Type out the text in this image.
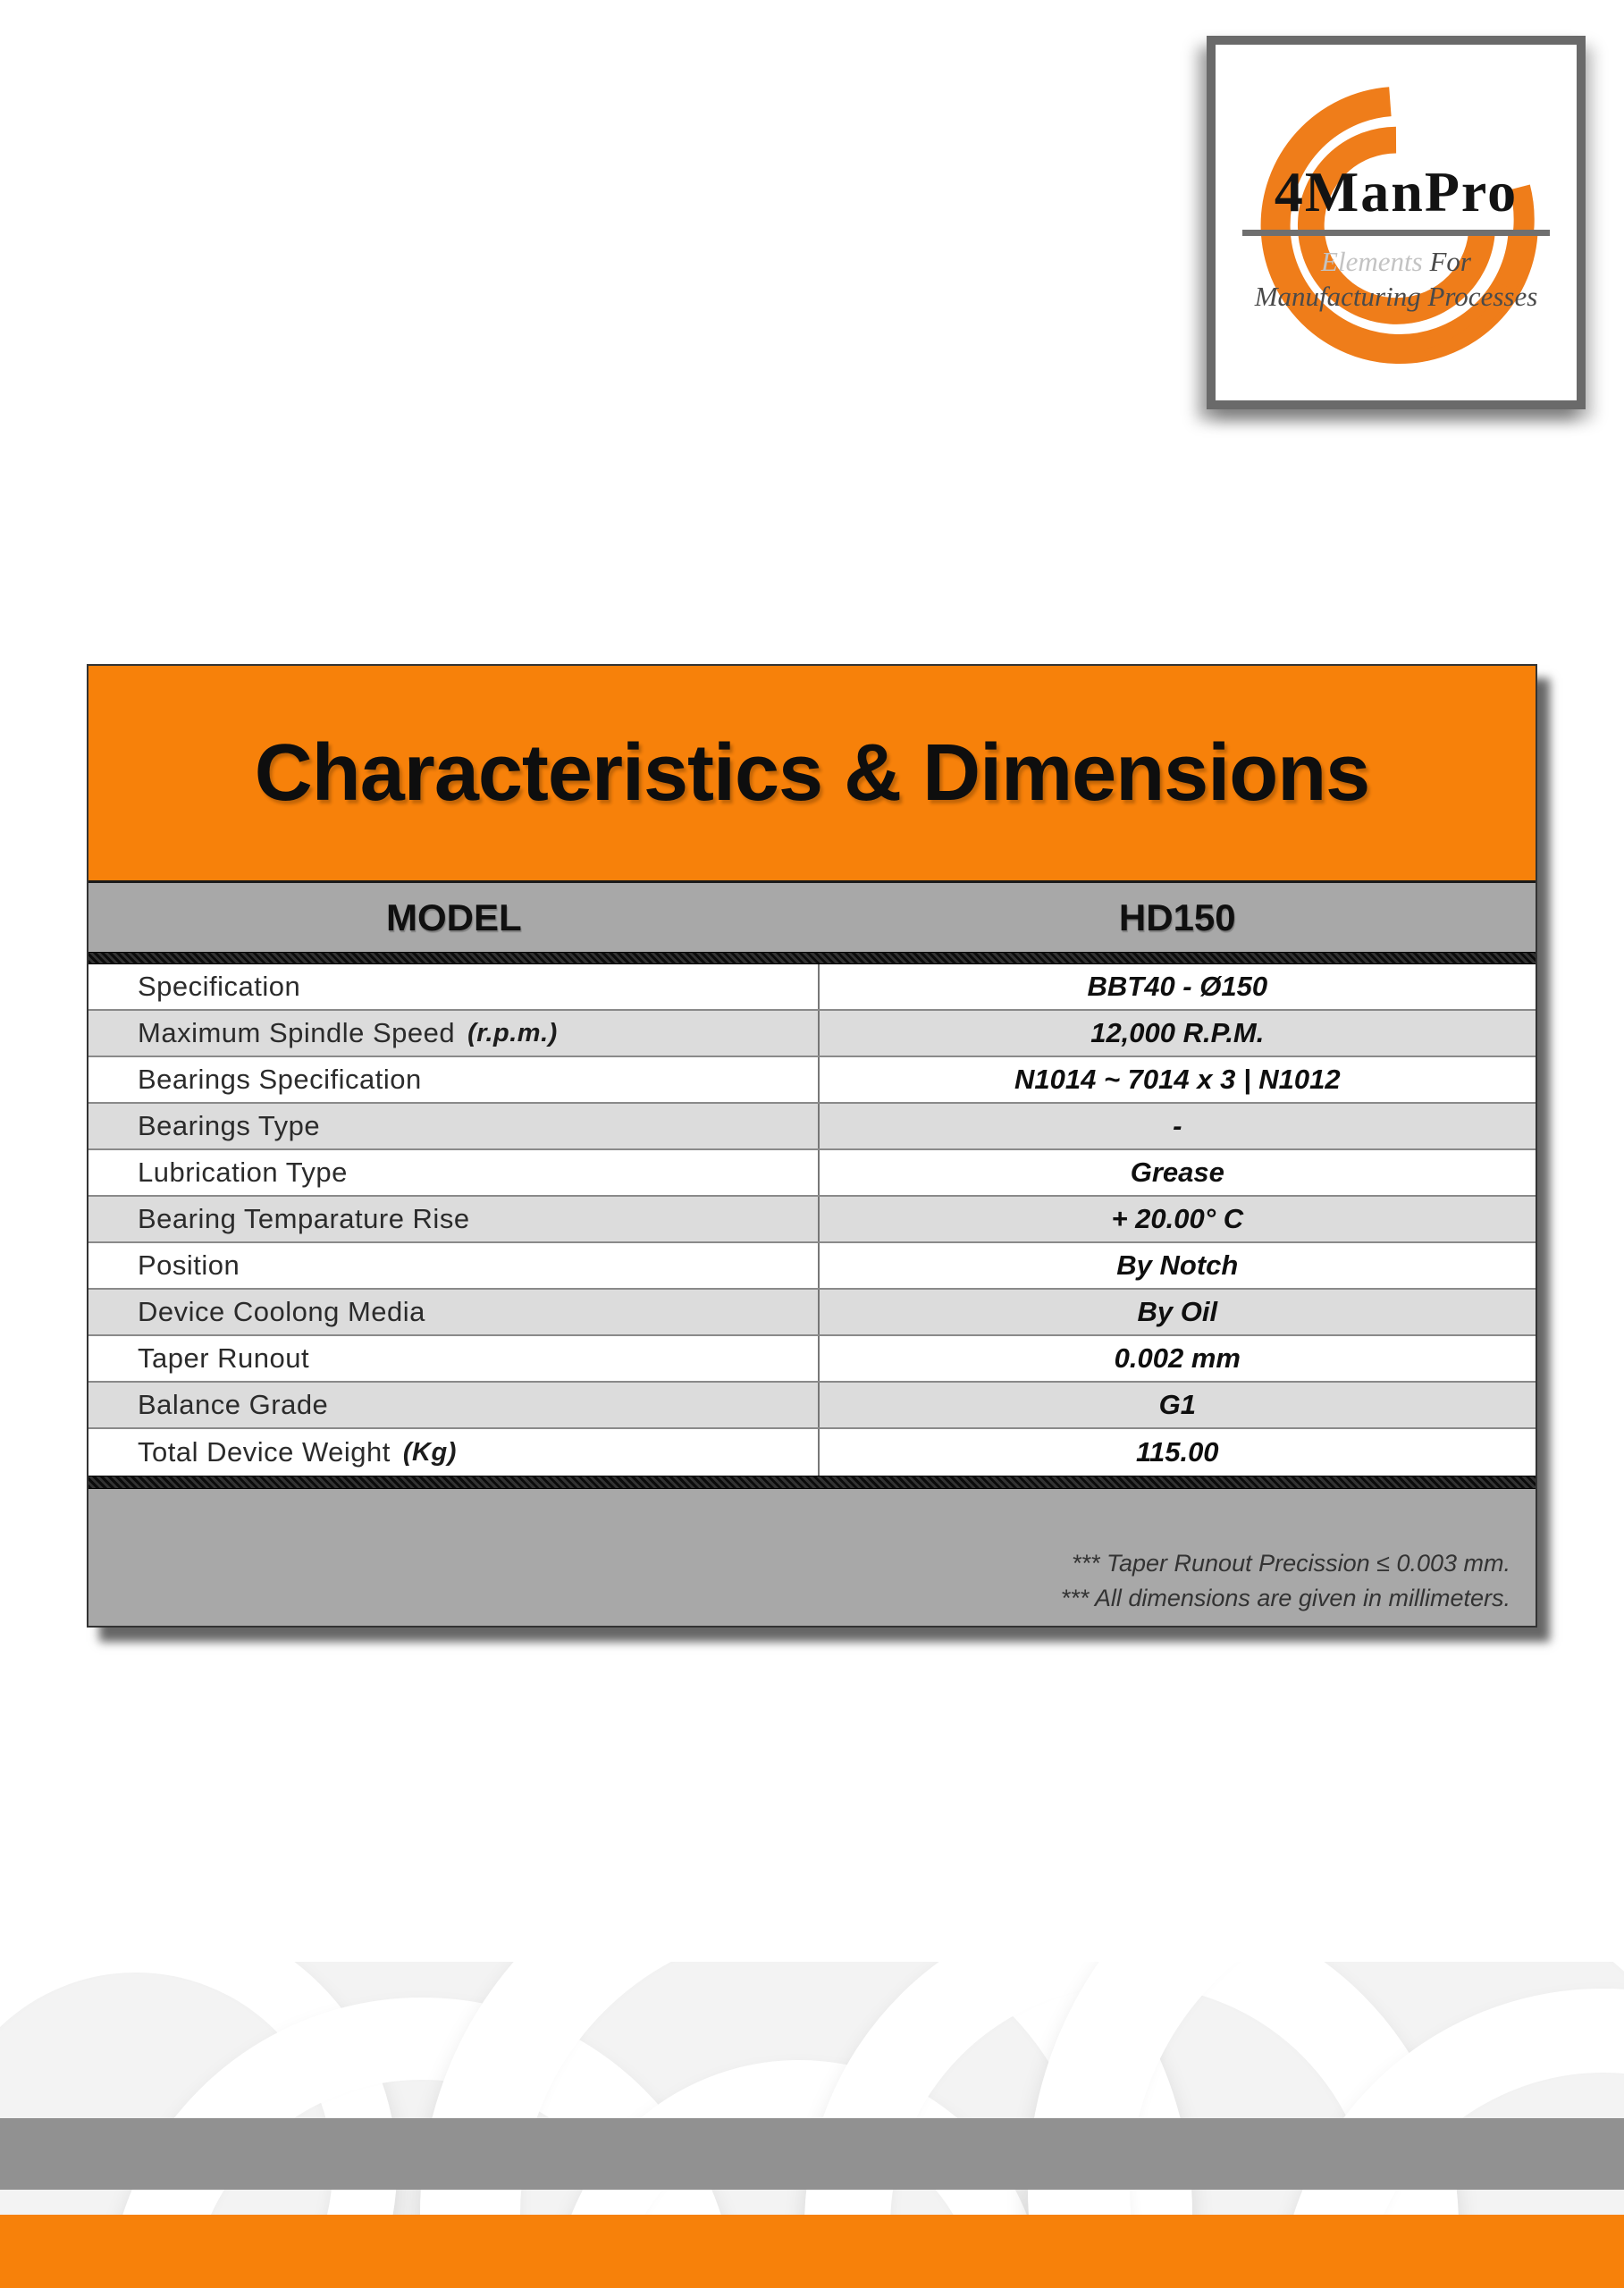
4ManPro
Elements For
Manufacturing Processes
Characteristics & Dimensions
MODEL	HD150
Specification	BBT40 - Ø150
Maximum Spindle Speed (r.p.m.)	12,000 R.P.M.
Bearings Specification	N1014 ~ 7014 x 3 | N1012
Bearings Type	-
Lubrication Type	Grease
Bearing Temparature Rise	+ 20.00° C
Position	By Notch
Device Coolong Media	By Oil
Taper Runout	0.002 mm
Balance Grade	G1
Total Device Weight (Kg)	115.00
*** Taper Runout Precission ≤ 0.003 mm.
*** All dimensions are given in millimeters.
